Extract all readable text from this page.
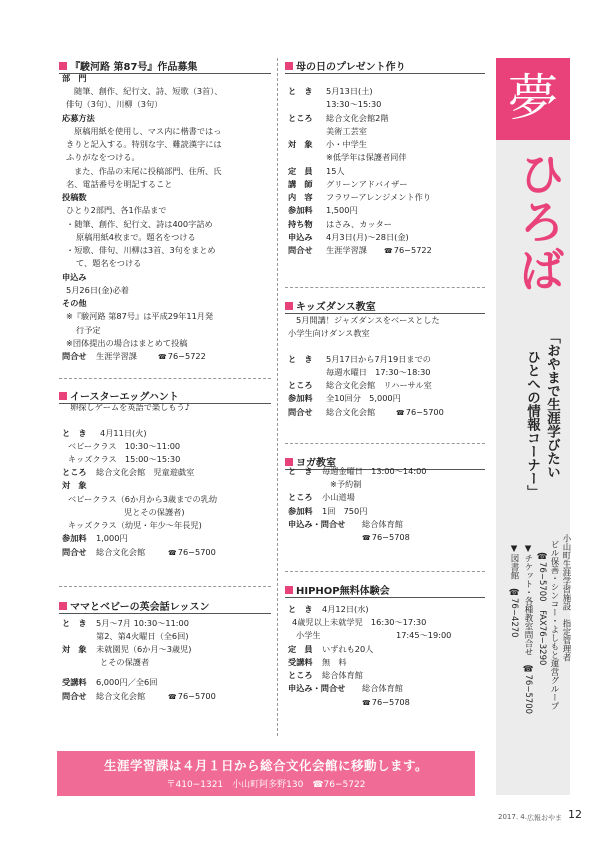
『駿河路 第87号』作品募集
イースターエッグハント
ママとベビーの英会話レッスン
母の日のプレゼント作り
キッズダンス教室
ヨガ教室
HIPHOP無料体験会
部　門
随筆、創作、紀行文、詩、短歌（3首）、
俳句（3句）、川柳（3句）
応募方法
原稿用紙を使用し、マス内に楷書ではっ
きりと記入する。特別な字、難読漢字には
ふりがなをつける。
また、作品の末尾に投稿部門、住所、氏
名、電話番号を明記すること
投稿数
ひとり2部門、各1作品まで
・随筆、創作、紀行文、詩は400字詰め
原稿用紙4枚まで。題名をつける
・短歌、俳句、川柳は3首、3句をまとめ
て、題名をつける
申込み
5月26日(金)必着
その他
※『駿河路 第87号』は平成29年11月発
行予定
※団体提出の場合はまとめて投稿
問合せ 生涯学習課	☎ 76−5722
卵探しゲームを英語で楽しもう♪
と　き 4月11日(火)
ベビークラス　10:30〜11:00
キッズクラス　15:00〜15:30
ところ 総合文化会館　児童遊戯室
対　象
ベビークラス（6か月から3歳までの乳幼
児とその保護者)
キッズクラス（幼児・年少〜年長児)
参加料 1,000円
問合せ 総合文化会館	☎ 76−5700
と　き 5月〜7月 10:30〜11:00
第2、第4火曜日（全6回)
対　象 未就園児（6か月〜3歳児)
とその保護者
受講料 6,000円／全6回
問合せ 総合文化会館	☎ 76−5700
と　き 5月13日(土)
13:30〜15:30
ところ 総合文化会館2階
美術工芸室
対　象 小・中学生
※低学年は保護者同伴
定　員 15人
講　師 グリーンアドバイザー
内　容 フラワーアレンジメント作り
参加料 1,500円
持ち物 はさみ、カッター
申込み 4月3日(月)〜28日(金)
問合せ 生涯学習課	☎ 76−5722
5月開講！ジャズダンスをベースとした
小学生向けダンス教室
と　き 5月17日から7月19日までの
毎週水曜日　17:30〜18:30
ところ 総合文化会館　リハーサル室
参加料 全10回分　5,000円
問合せ 総合文化会館	☎ 76−5700
と　き 毎週金曜日　13:00〜14:00
※予約制
ところ 小山道場
参加料 1回　750円
申込み・問合せ 総合体育館
☎ 76−5708
と　き 4月12日(水)
4歳児以上未就学児　16:30〜17:30
小学生	17:45〜19:00
定　員 いずれも20人
受講料 無　料
ところ 総合体育館
申込み・問合せ 総合体育館
☎ 76−5708
生涯学習課は４月１日から総合文化会館に移動します。
〒410−1321　小山町阿多野130　☎76−5722
夢
ひろば
「おやまで生涯学びたい
ひとへの情報コーナー」
小山町生涯学習施設　指定管理者
ビル保善・シンコー・よしもと運営グループ
☎76−5700　FAX76−3290
▼チケット・各種教室問合せ　☎76−5700
▼図書館　☎76−4270
2017. 4. 広報おやま 12
